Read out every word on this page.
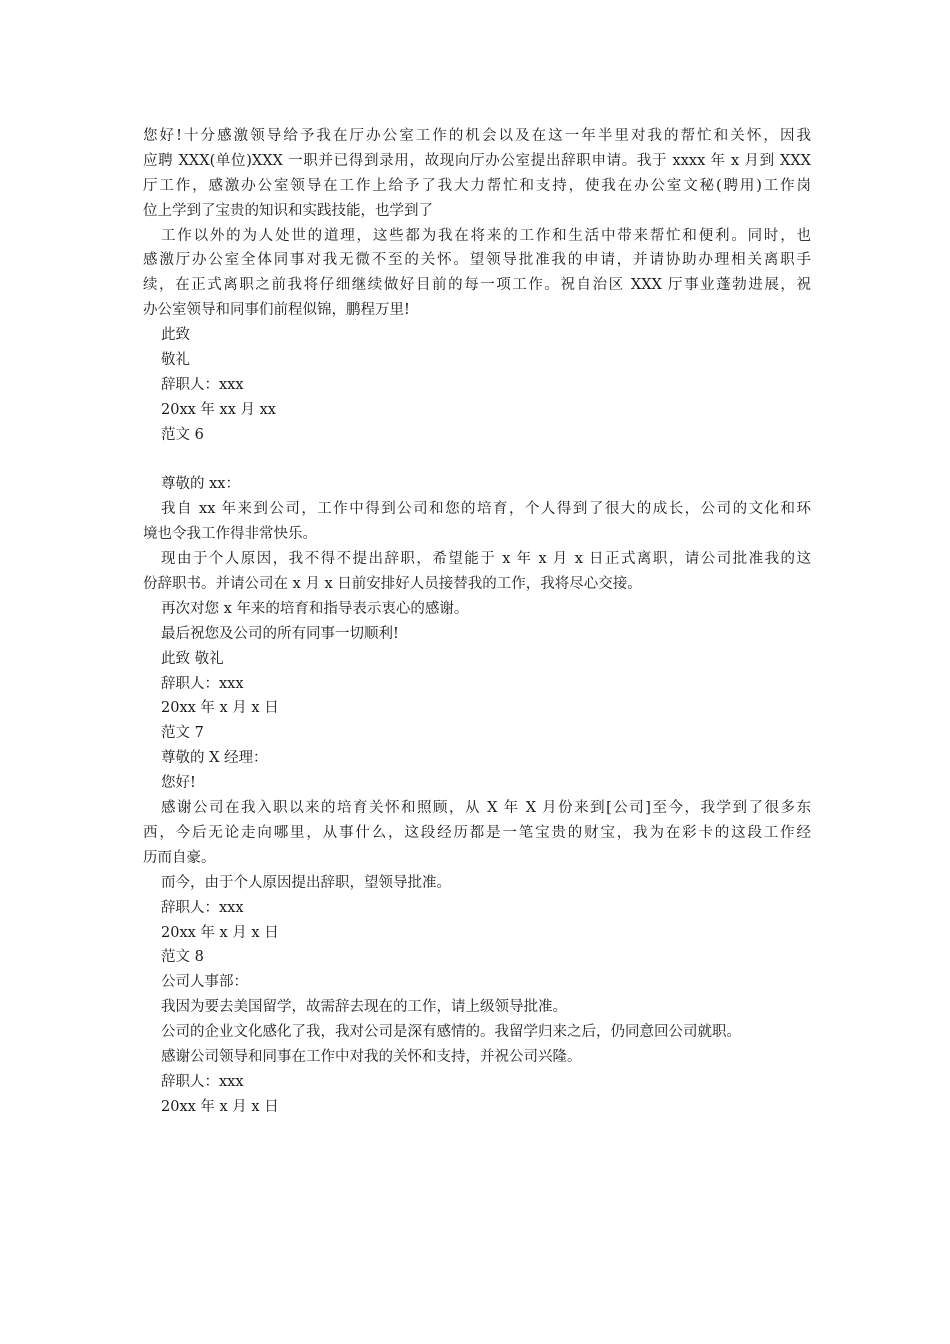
您好!十分感激领导给予我在厅办公室工作的机会以及在这一年半里对我的帮忙和关怀，因我
应聘 XXX(单位)XXX 一职并已得到录用，故现向厅办公室提出辞职申请。我于 xxxx 年 x 月到 XXX
厅工作，感激办公室领导在工作上给予了我大力帮忙和支持，使我在办公室文秘(聘用)工作岗
位上学到了宝贵的知识和实践技能，也学到了
工作以外的为人处世的道理，这些都为我在将来的工作和生活中带来帮忙和便利。同时，也
感激厅办公室全体同事对我无微不至的关怀。望领导批准我的申请，并请协助办理相关离职手
续，在正式离职之前我将仔细继续做好目前的每一项工作。祝自治区 XXX 厅事业蓬勃进展，祝
办公室领导和同事们前程似锦，鹏程万里!
此致
敬礼
辞职人：xxx
20xx 年 xx 月 xx
范文 6
尊敬的 xx：
我自 xx 年来到公司，工作中得到公司和您的培育，个人得到了很大的成长，公司的文化和环
境也令我工作得非常快乐。
现由于个人原因，我不得不提出辞职，希望能于 x 年 x 月 x 日正式离职，请公司批准我的这
份辞职书。并请公司在 x 月 x 日前安排好人员接替我的工作，我将尽心交接。
再次对您 x 年来的培育和指导表示衷心的感谢。
最后祝您及公司的所有同事一切顺利!
此致 敬礼
辞职人：xxx
20xx 年 x 月 x 日
范文 7
尊敬的 X 经理：
您好!
感谢公司在我入职以来的培育关怀和照顾，从 X 年 X 月份来到[公司]至今，我学到了很多东
西，今后无论走向哪里，从事什么，这段经历都是一笔宝贵的财宝，我为在彩卡的这段工作经
历而自豪。
而今，由于个人原因提出辞职，望领导批准。
辞职人：xxx
20xx 年 x 月 x 日
范文 8
公司人事部：
我因为要去美国留学，故需辞去现在的工作，请上级领导批准。
公司的企业文化感化了我，我对公司是深有感情的。我留学归来之后，仍同意回公司就职。
感谢公司领导和同事在工作中对我的关怀和支持，并祝公司兴隆。
辞职人：xxx
20xx 年 x 月 x 日
